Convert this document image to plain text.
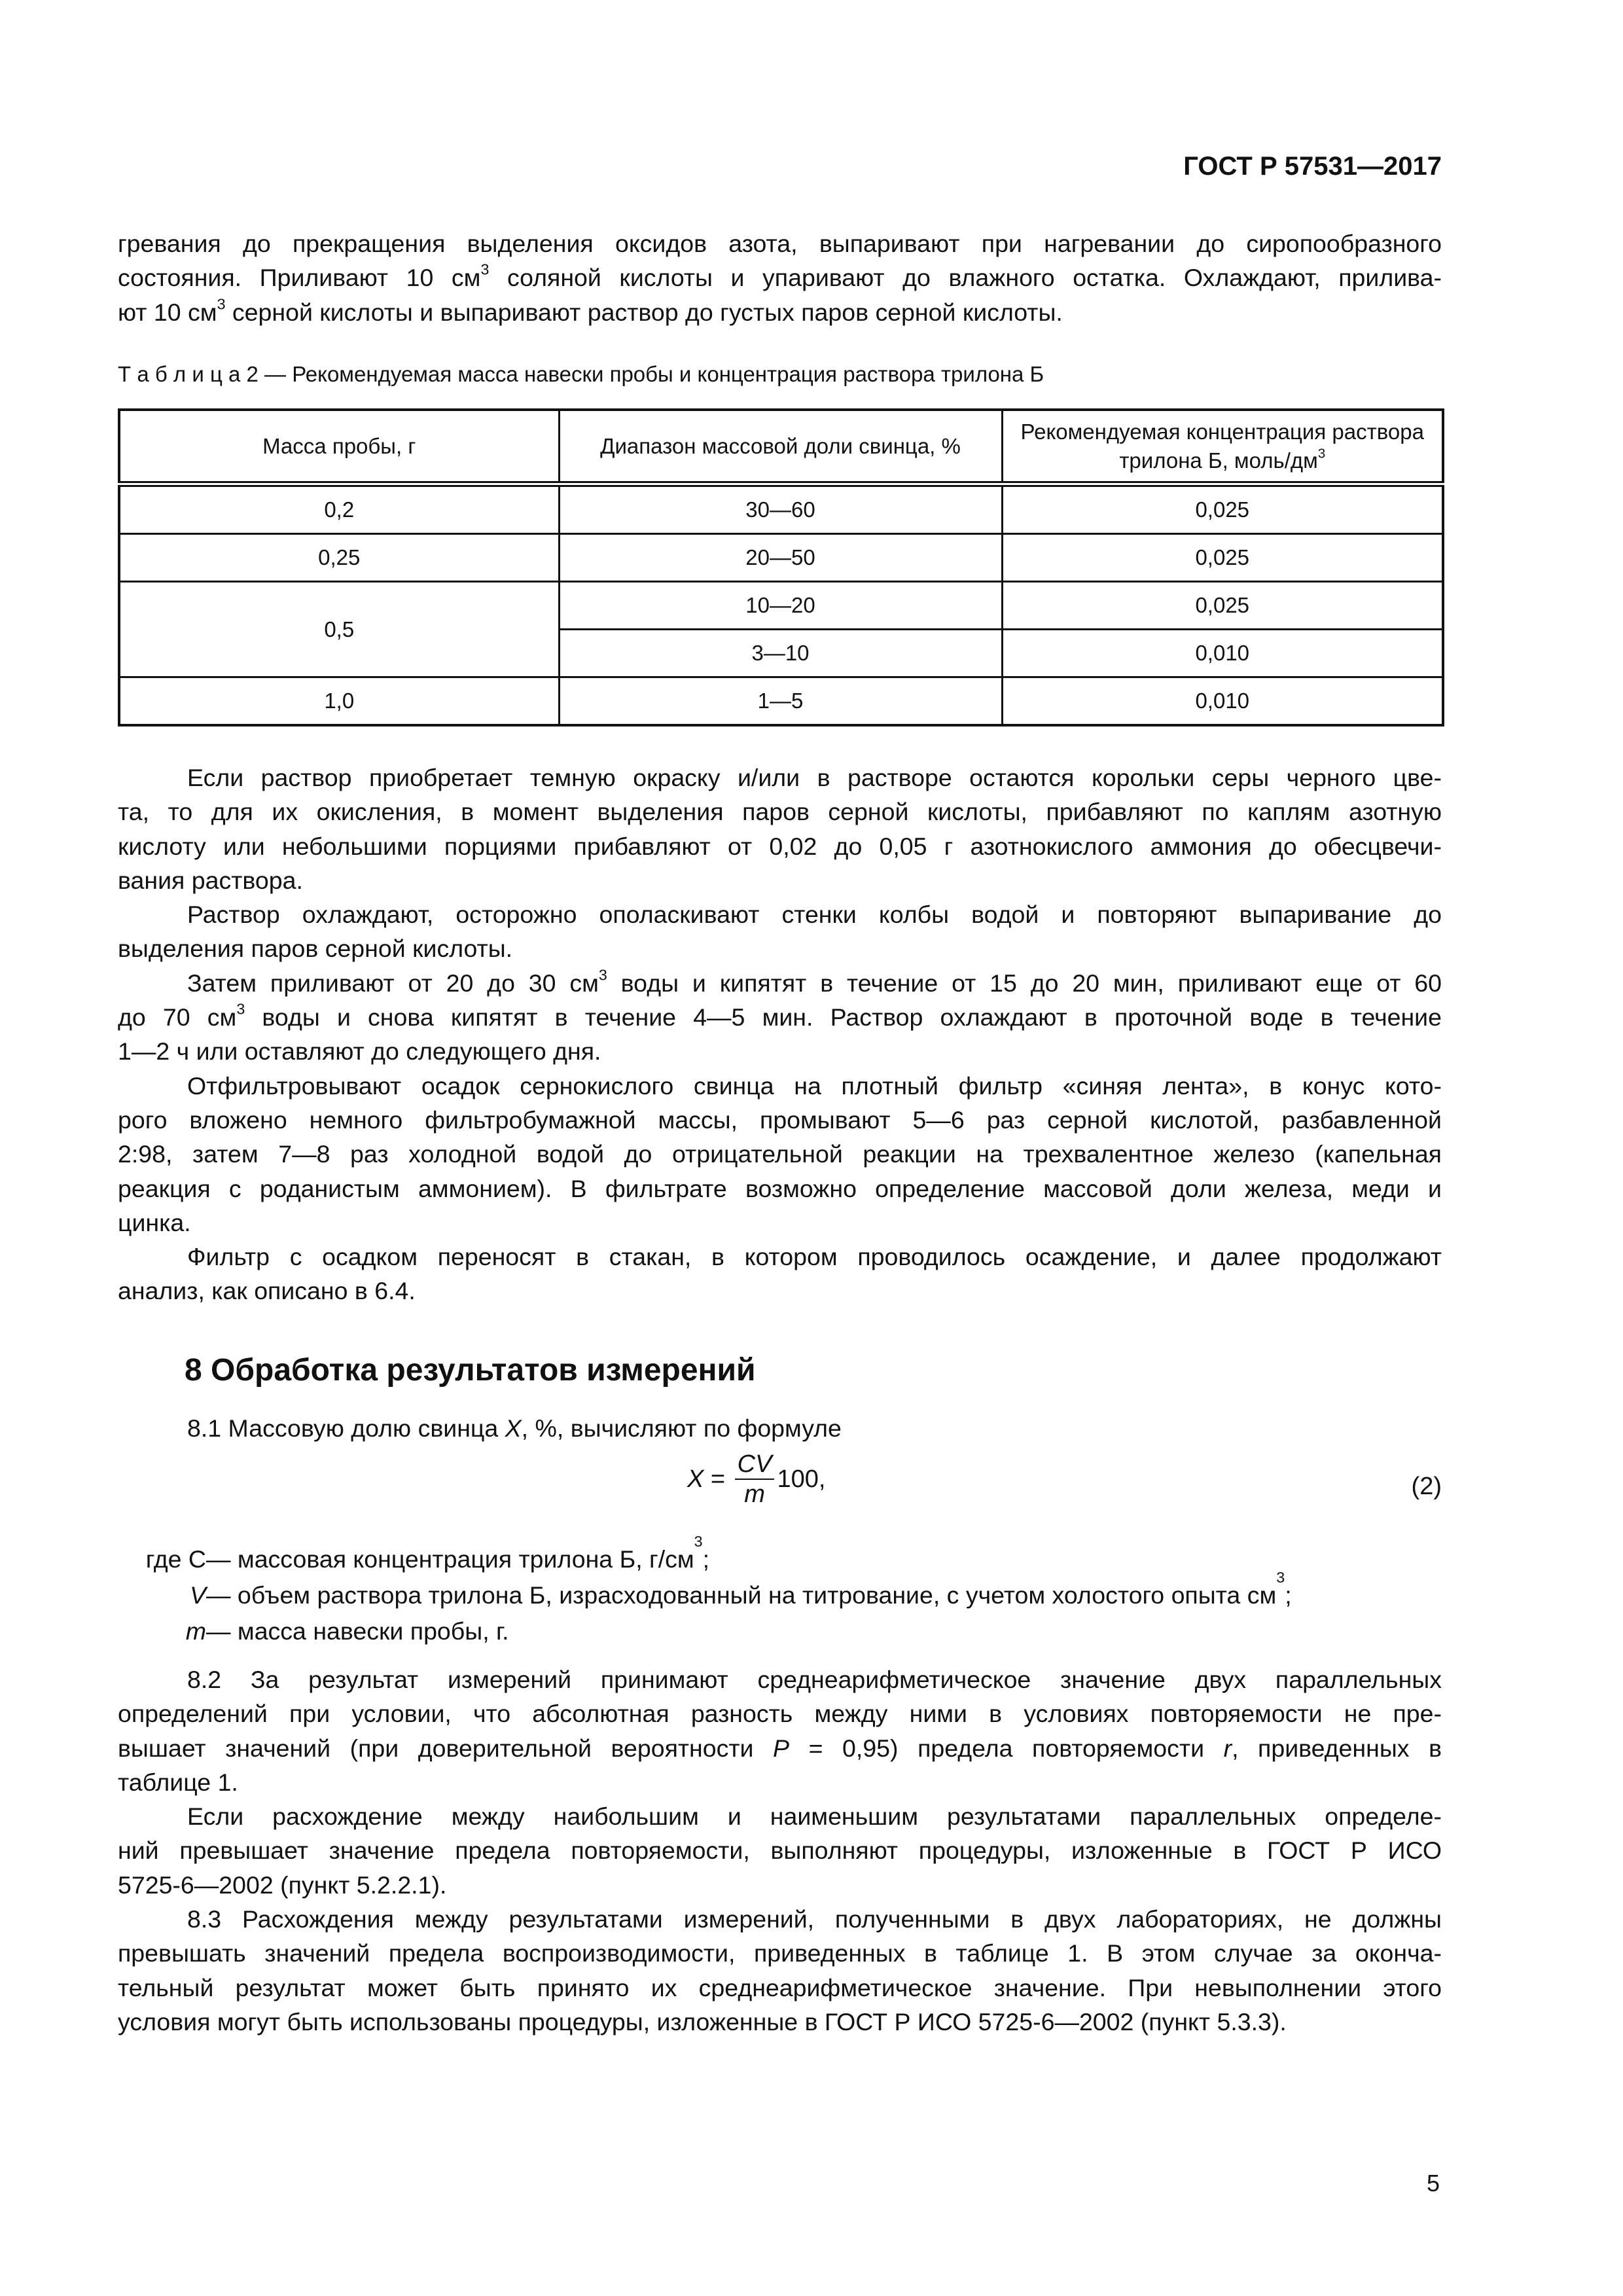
ГОСТ Р 57531—2017
гревания до прекращения выделения оксидов азота, выпаривают при нагревании до сиропообразного
состояния. Приливают 10 $см^3$ соляной кислоты и упаривают до влажного остатка. Охлаждают, прилива-
ют 10 $см^3$ серной кислоты и выпаривают раствор до густых паров серной кислоты.
Т а б л и ц а 2 — Рекомендуемая масса навески пробы и концентрация раствора трилона Б
Масса пробы, г	Диапазон массовой доли свинца, %	Рекомендуемая концентрация раствора трилона Б, моль/$дм^3$
0,2	30—60	0,025
0,25	20—50	0,025
0,5	10—20	0,025
	3—10	0,010
1,0	1—5	0,010
Если раствор приобретает темную окраску и/или в растворе остаются корольки серы черного цве-
та, то для их окисления, в момент выделения паров серной кислоты, прибавляют по каплям азотную
кислоту или небольшими порциями прибавляют от 0,02 до 0,05 г азотнокислого аммония до обесцвечи-
вания раствора.
Раствор охлаждают, осторожно ополаскивают стенки колбы водой и повторяют выпаривание до
выделения паров серной кислоты.
Затем приливают от 20 до 30 $см^3$ воды и кипятят в течение от 15 до 20 мин, приливают еще от 60
до 70 $см^3$ воды и снова кипятят в течение 4—5 мин. Раствор охлаждают в проточной воде в течение
1—2 ч или оставляют до следующего дня.
Отфильтровывают осадок сернокислого свинца на плотный фильтр «синяя лента», в конус кото-
рого вложено немного фильтробумажной массы, промывают 5—6 раз серной кислотой, разбавленной
2:98, затем 7—8 раз холодной водой до отрицательной реакции на трехвалентное железо (капельная
реакция с роданистым аммонием). В фильтрате возможно определение массовой доли железа, меди и
цинка.
Фильтр с осадком переносят в стакан, в котором проводилось осаждение, и далее продолжают
анализ, как описано в 6.4.
8 Обработка результатов измерений
8.1 Массовую долю свинца X, %, вычисляют по формуле
$X = \frac{CV}{m} 100$,	(2)
где C — массовая концентрация трилона Б, г/см
3
;
V — объем раствора трилона Б, израсходованный на титрование, с учетом холостого опыта см
3
;
m — масса навески пробы, г.
8.2 За результат измерений принимают среднеарифметическое значение двух параллельных
определений при условии, что абсолютная разность между ними в условиях повторяемости не пре-
вышает значений (при доверительной вероятности P = 0,95) предела повторяемости r, приведенных в
таблице 1.
Если расхождение между наибольшим и наименьшим результатами параллельных определе-
ний превышает значение предела повторяемости, выполняют процедуры, изложенные в ГОСТ Р ИСО
5725-6—2002 (пункт 5.2.2.1).
8.3 Расхождения между результатами измерений, полученными в двух лабораториях, не должны
превышать значений предела воспроизводимости, приведенных в таблице 1. В этом случае за оконча-
тельный результат может быть принято их среднеарифметическое значение. При невыполнении этого
условия могут быть использованы процедуры, изложенные в ГОСТ Р ИСО 5725-6—2002 (пункт 5.3.3).
5
